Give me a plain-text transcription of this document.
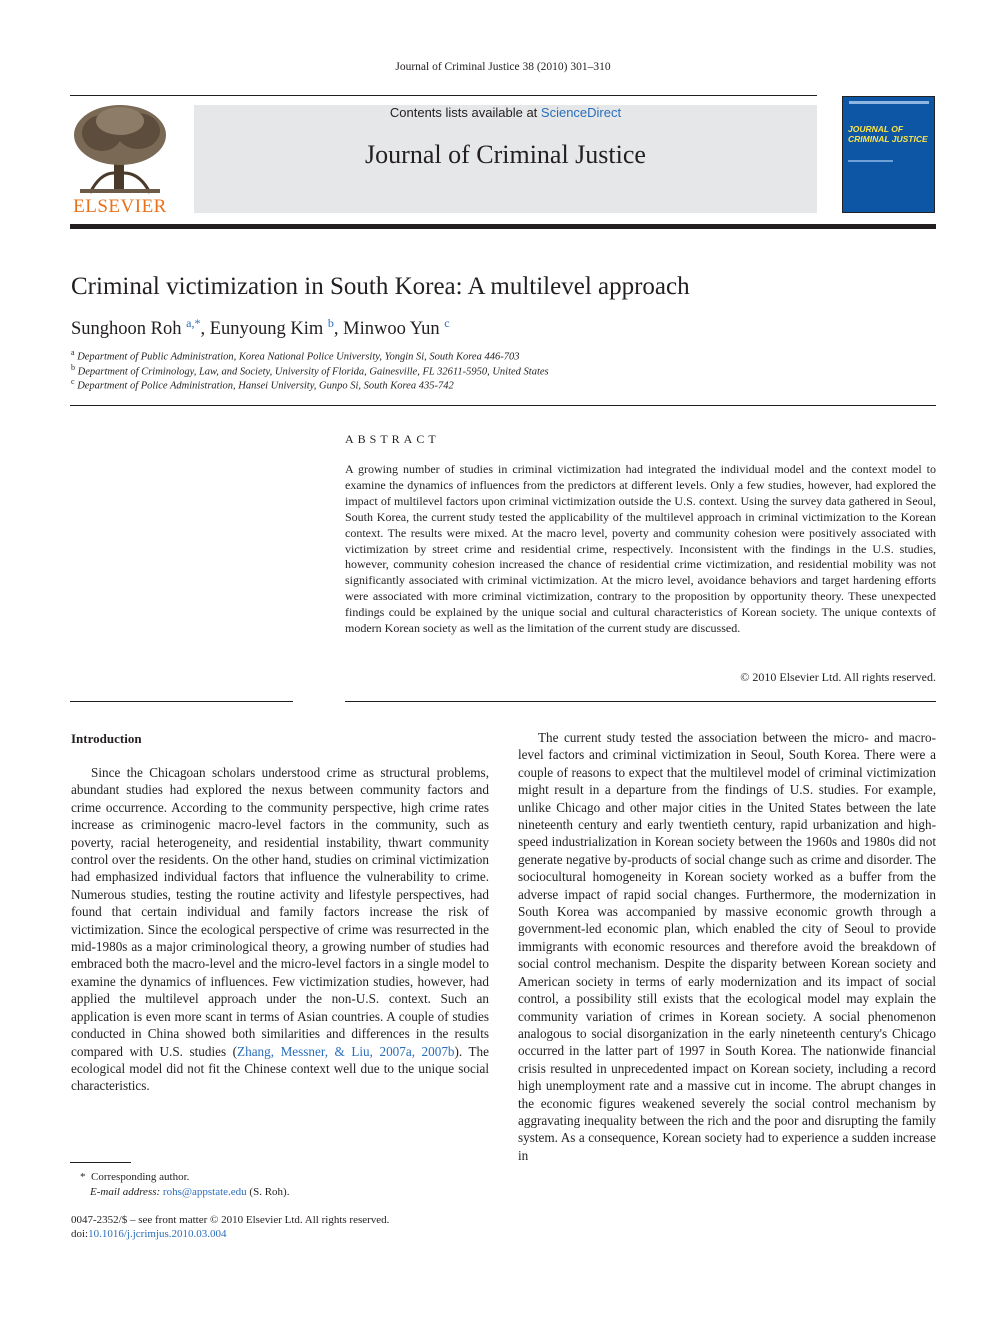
Journal of Criminal Justice 38 (2010) 301–310
ELSEVIER
Contents lists available at ScienceDirect
Journal of Criminal Justice
JOURNAL OF CRIMINAL JUSTICE
Criminal victimization in South Korea: A multilevel approach
Sunghoon Roh $^{a,*}$, Eunyoung Kim $^b$, Minwoo Yun $^c$
$^a$ Department of Public Administration, Korea National Police University, Yongin Si, South Korea 446-703
$^b$ Department of Criminology, Law, and Society, University of Florida, Gainesville, FL 32611-5950, United States
$^c$ Department of Police Administration, Hansei University, Gunpo Si, South Korea 435-742
ABSTRACT
A growing number of studies in criminal victimization had integrated the individual model and the context model to examine the dynamics of influences from the predictors at different levels. Only a few studies, however, had explored the impact of multilevel factors upon criminal victimization outside the U.S. context. Using the survey data gathered in Seoul, South Korea, the current study tested the applicability of the multilevel approach in criminal victimization to the Korean context. The results were mixed. At the macro level, poverty and community cohesion were positively associated with victimization by street crime and residential crime, respectively. Inconsistent with the findings in the U.S. studies, however, community cohesion increased the chance of residential crime victimization, and residential mobility was not significantly associated with criminal victimization. At the micro level, avoidance behaviors and target hardening efforts were associated with more criminal victimization, contrary to the proposition by opportunity theory. These unexpected findings could be explained by the unique social and cultural characteristics of Korean society. The unique contexts of modern Korean society as well as the limitation of the current study are discussed.
© 2010 Elsevier Ltd. All rights reserved.
Introduction

Since the Chicagoan scholars understood crime as structural problems, abundant studies had explored the nexus between community factors and crime occurrence. According to the community perspective, high crime rates increase as criminogenic macro-level factors in the community, such as poverty, racial heterogeneity, and residential instability, thwart community control over the residents. On the other hand, studies on criminal victimization had emphasized individual factors that influence the vulnerability to crime. Numerous studies, testing the routine activity and lifestyle perspectives, had found that certain individual and family factors increase the risk of victimization. Since the ecological perspective of crime was resurrected in the mid-1980s as a major criminological theory, a growing number of studies had embraced both the macro-level and the micro-level factors in a single model to examine the dynamics of influences. Few victimization studies, however, had applied the multilevel approach under the non-U.S. context. Such an application is even more scant in terms of Asian countries. A couple of studies conducted in China showed both similarities and differences in the results compared with U.S. studies (Zhang, Messner, & Liu, 2007a, 2007b). The ecological model did not fit the Chinese context well due to the unique social characteristics.

The current study tested the association between the micro- and macro-level factors and criminal victimization in Seoul, South Korea. There were a couple of reasons to expect that the multilevel model of criminal victimization might result in a departure from the findings of U.S. studies. For example, unlike Chicago and other major cities in the United States between the late nineteenth century and early twentieth century, rapid urbanization and high-speed industrialization in Korean society between the 1960s and 1980s did not generate negative by-products of social change such as crime and disorder. The sociocultural homogeneity in Korean society worked as a buffer from the adverse impact of rapid social changes. Furthermore, the modernization in South Korea was accompanied by massive economic growth through a government-led economic plan, which enabled the city of Seoul to provide immigrants with economic resources and therefore avoid the breakdown of social control mechanism. Despite the disparity between Korean society and American society in terms of early modernization and its impact of social control, a possibility still exists that the ecological model may explain the community variation of crimes in Korean society. A social phenomenon analogous to social disorganization in the early nineteenth century's Chicago occurred in the latter part of 1997 in South Korea. The nationwide financial crisis resulted in unprecedented impact on Korean society, including a record high unemployment rate and a massive cut in income. The abrupt changes in the economic figures weakened severely the social control mechanism by aggravating inequality between the rich and the poor and disrupting the family system. As a consequence, Korean society had to experience a sudden increase in

* Corresponding author.
E-mail address: rohs@appstate.edu (S. Roh).
0047-2352/$ – see front matter © 2010 Elsevier Ltd. All rights reserved.
doi:10.1016/j.jcrimjus.2010.03.004
